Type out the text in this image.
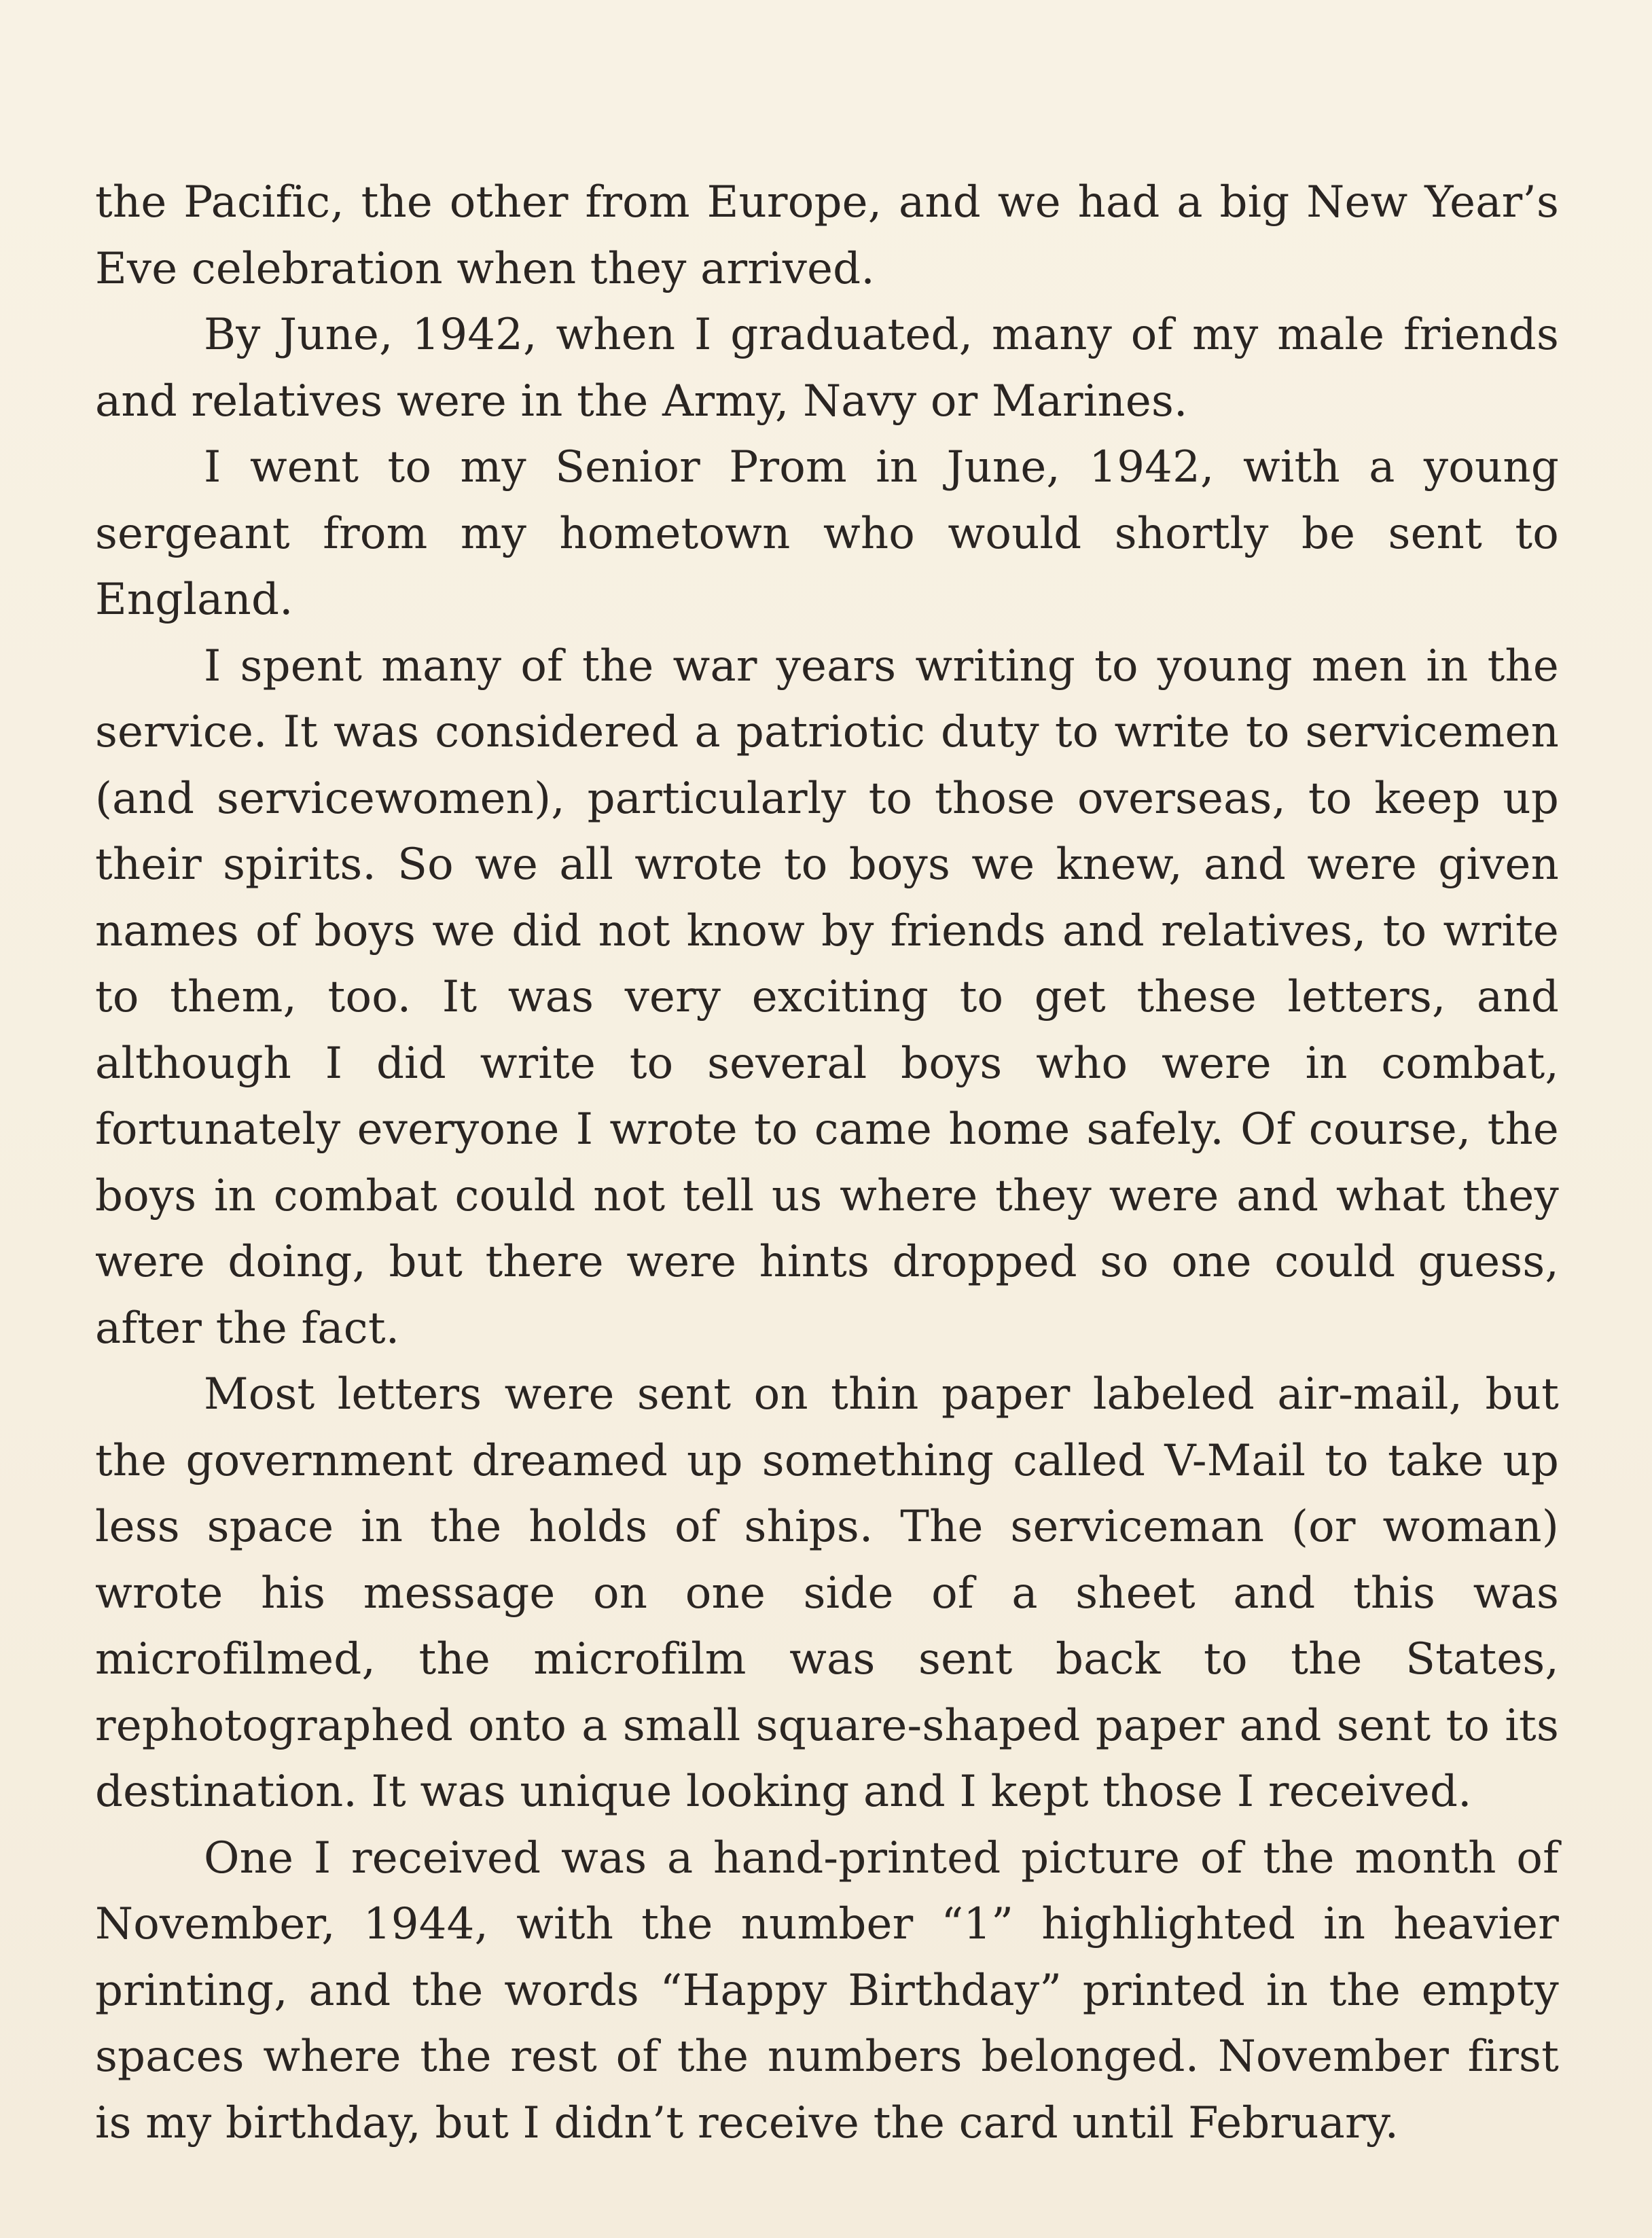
the Pacific, the other from Europe, and we had a big New Year’s Eve celebration when they arrived.

By June, 1942, when I graduated, many of my male friends and relatives were in the Army, Navy or Marines.

I went to my Senior Prom in June, 1942, with a young sergeant from my hometown who would shortly be sent to England.

I spent many of the war years writing to young men in the service. It was considered a patriotic duty to write to servicemen (and servicewomen), particularly to those overseas, to keep up their spirits. So we all wrote to boys we knew, and were given names of boys we did not know by friends and relatives, to write to them, too. It was very exciting to get these letters, and although I did write to several boys who were in combat, fortunately everyone I wrote to came home safely. Of course, the boys in combat could not tell us where they were and what they were doing, but there were hints dropped so one could guess, after the fact.

Most letters were sent on thin paper labeled air-mail, but the government dreamed up something called V-Mail to take up less space in the holds of ships. The serviceman (or woman) wrote his message on one side of a sheet and this was microfilmed, the microfilm was sent back to the States, rephotographed onto a small square-shaped paper and sent to its destination. It was unique looking and I kept those I received.

One I received was a hand-printed picture of the month of November, 1944, with the number “1” highlighted in heavier printing, and the words “Happy Birthday” printed in the empty spaces where the rest of the numbers belonged. November first is my birthday, but I didn’t receive the card until February.
